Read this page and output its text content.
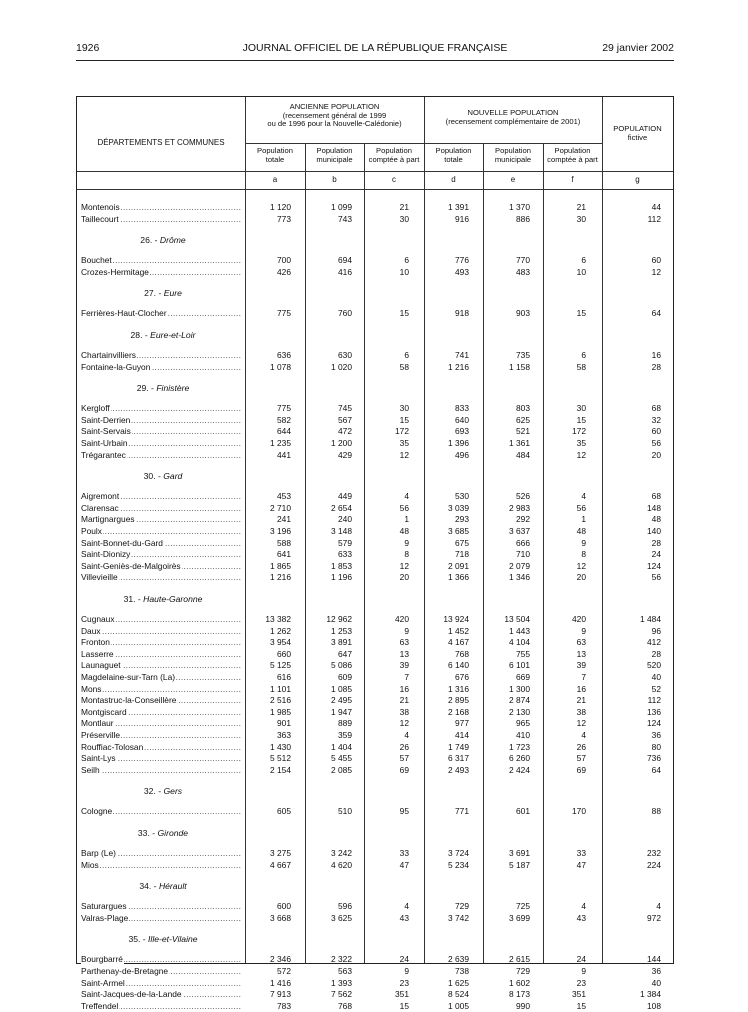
1926	JOURNAL OFFICIEL DE LA RÉPUBLIQUE FRANÇAISE	29 janvier 2002
DÉPARTEMENTS ET COMMUNES
ANCIENNE POPULATION
(recensement général de 1999
ou de 1996 pour la Nouvelle-Calédonie)
NOUVELLE POPULATION
(recensement complémentaire de 2001)
POPULATION
fictive
Population
totale
Population
municipale
Population
comptée à part
Population
totale
Population
municipale
Population
comptée à part
a	b	c	d	e	f	g
Montenois .....	1 120	1 099	21	1 391	1 370	21	44
Taillecourt .....	773	743	30	916	886	30	112
26. - Drôme
Bouchet .....	700	694	6	776	770	6	60
Crozes-Hermitage .....	426	416	10	493	483	10	12
27. - Eure
Ferrières-Haut-Clocher .....	775	760	15	918	903	15	64
28. - Eure-et-Loir
Chartainvilliers .....	636	630	6	741	735	6	16
Fontaine-la-Guyon .....	1 078	1 020	58	1 216	1 158	58	28
29. - Finistère
Kergloff .....	775	745	30	833	803	30	68
Saint-Derrien .....	582	567	15	640	625	15	32
Saint-Servais .....	644	472	172	693	521	172	60
Saint-Urbain .....	1 235	1 200	35	1 396	1 361	35	56
Trégarantec .....	441	429	12	496	484	12	20
30. - Gard
Aigremont .....	453	449	4	530	526	4	68
Clarensac .....	2 710	2 654	56	3 039	2 983	56	148
Martignargues .....	241	240	1	293	292	1	48
Poulx .....	3 196	3 148	48	3 685	3 637	48	140
Saint-Bonnet-du-Gard .....	588	579	9	675	666	9	28
Saint-Dionizy .....	641	633	8	718	710	8	24
Saint-Geniès-de-Malgoirès .....	1 865	1 853	12	2 091	2 079	12	124
Villevieille .....	1 216	1 196	20	1 366	1 346	20	56
31. - Haute-Garonne
Cugnaux .....	13 382	12 962	420	13 924	13 504	420	1 484
Daux .....	1 262	1 253	9	1 452	1 443	9	96
Fronton .....	3 954	3 891	63	4 167	4 104	63	412
Lasserre .....	660	647	13	768	755	13	28
Launaguet .....	5 125	5 086	39	6 140	6 101	39	520
Magdelaine-sur-Tarn (La) .....	616	609	7	676	669	7	40
Mons .....	1 101	1 085	16	1 316	1 300	16	52
Montastruc-la-Conseillère .....	2 516	2 495	21	2 895	2 874	21	112
Montgiscard .....	1 985	1 947	38	2 168	2 130	38	136
Montlaur .....	901	889	12	977	965	12	124
Préserville .....	363	359	4	414	410	4	36
Rouffiac-Tolosan .....	1 430	1 404	26	1 749	1 723	26	80
Saint-Lys .....	5 512	5 455	57	6 317	6 260	57	736
Seilh .....	2 154	2 085	69	2 493	2 424	69	64
32. - Gers
Cologne .....	605	510	95	771	601	170	88
33. - Gironde
Barp (Le) .....	3 275	3 242	33	3 724	3 691	33	232
Mios .....	4 667	4 620	47	5 234	5 187	47	224
34. - Hérault
Saturargues .....	600	596	4	729	725	4	4
Valras-Plage .....	3 668	3 625	43	3 742	3 699	43	972
35. - Ille-et-Vilaine
Bourgbarré .....	2 346	2 322	24	2 639	2 615	24	144
Parthenay-de-Bretagne .....	572	563	9	738	729	9	36
Saint-Armel .....	1 416	1 393	23	1 625	1 602	23	40
Saint-Jacques-de-la-Lande .....	7 913	7 562	351	8 524	8 173	351	1 384
Treffendel .....	783	768	15	1 005	990	15	108
